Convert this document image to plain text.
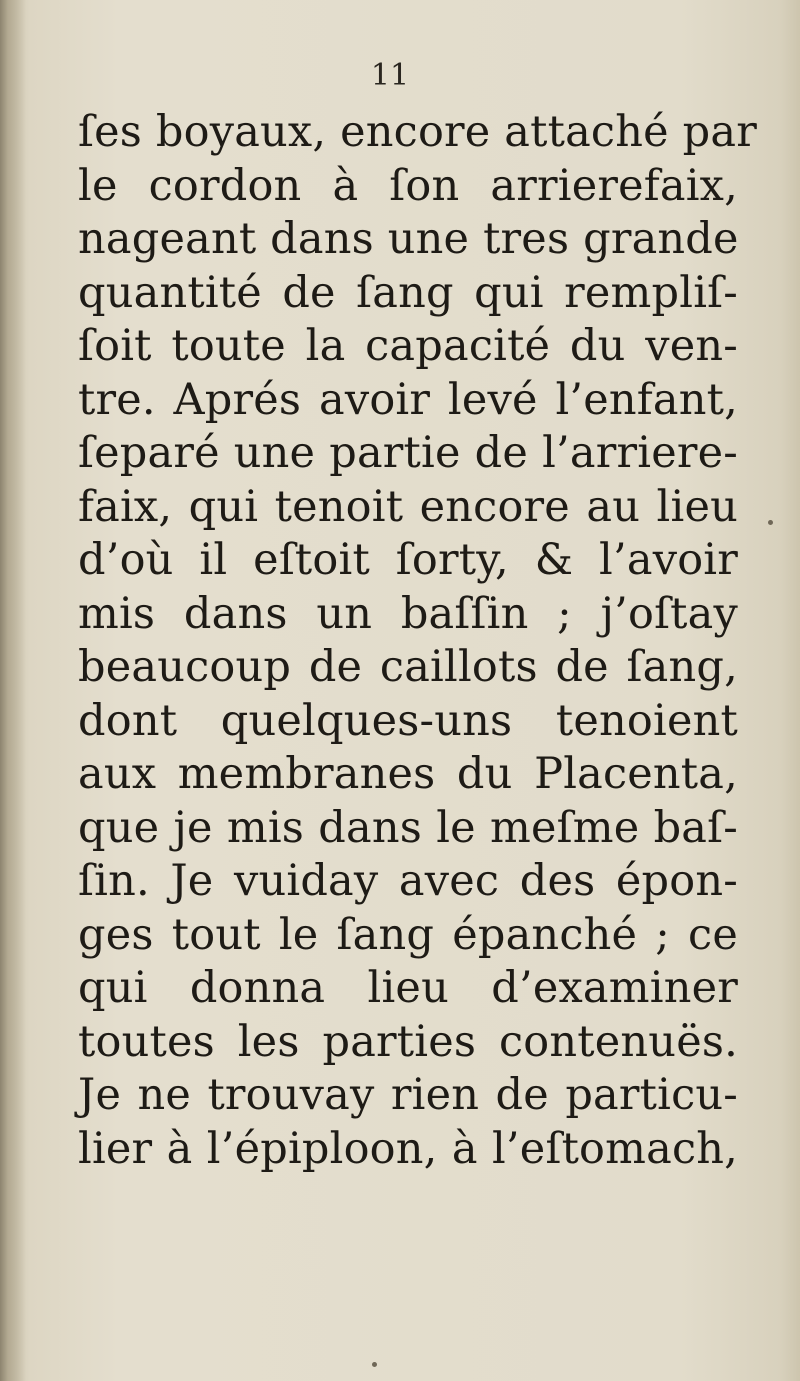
11
ſes boyaux, encore attaché par
le cordon à ſon arrierefaix,
nageant dans une tres grande
quantité de ſang qui rempliſ-
ſoit toute la capacité du ven-
tre. Aprés avoir levé l’enfant,
ſeparé une partie de l’arriere-
faix, qui tenoit encore au lieu
d’où il eſtoit ſorty, & l’avoir
mis dans un baſſin ; j’oſtay
beaucoup de caillots de ſang,
dont quelques-uns tenoient
aux membranes du Placenta,
que je mis dans le meſme baſ-
ſin. Je vuiday avec des épon-
ges tout le ſang épanché ; ce
qui donna lieu d’examiner
toutes les parties contenuës.
Je ne trouvay rien de particu-
lier à l’épiploon, à l’eſtomach,
